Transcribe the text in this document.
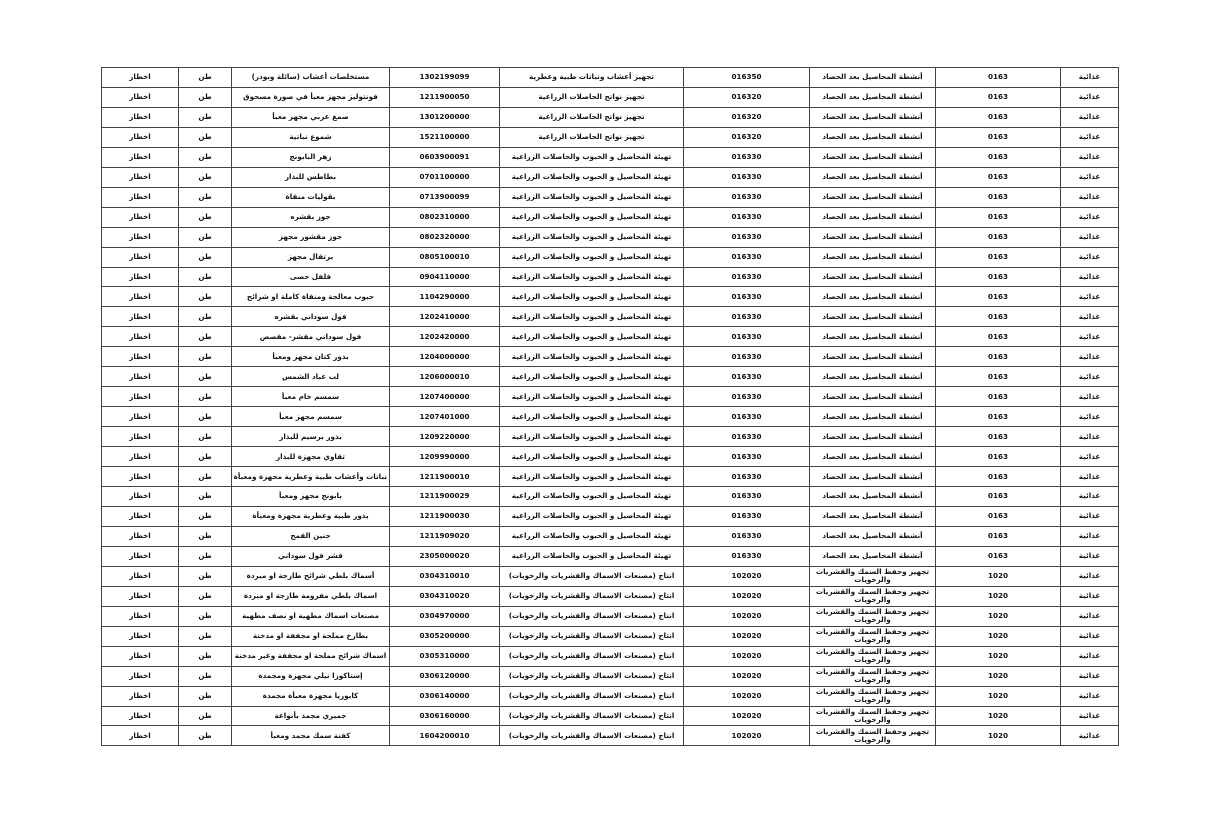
غذائية	0163	أنشطة المحاصيل بعد الحصاد	016350	تجهيز أعشاب ونباتات طبية وعطرية	1302199099	مستخلصات أعشاب (سائلة وبودر)	طن	اخطار
غذائية	0163	أنشطة المحاصيل بعد الحصاد	016320	تجهيز نواتج الحاصلات الزراعية	1211900050	فونتوليز مجهز معبأ في صورة مسحوق	طن	اخطار
غذائية	0163	أنشطة المحاصيل بعد الحصاد	016320	تجهيز نواتج الحاصلات الزراعية	1301200000	صمغ عربي مجهز معبأ	طن	اخطار
غذائية	0163	أنشطة المحاصيل بعد الحصاد	016320	تجهيز نواتج الحاصلات الزراعية	1521100000	شموع نباتية	طن	اخطار
غذائية	0163	أنشطة المحاصيل بعد الحصاد	016330	تهيئة المحاصيل و الحبوب والحاصلات الزراعية	0603900091	زهر البابونج	طن	اخطار
غذائية	0163	أنشطة المحاصيل بعد الحصاد	016330	تهيئة المحاصيل و الحبوب والحاصلات الزراعية	0701100000	بطاطس للبذار	طن	اخطار
غذائية	0163	أنشطة المحاصيل بعد الحصاد	016330	تهيئة المحاصيل و الحبوب والحاصلات الزراعية	0713900099	بقوليات منقاة	طن	اخطار
غذائية	0163	أنشطة المحاصيل بعد الحصاد	016330	تهيئة المحاصيل و الحبوب والحاصلات الزراعية	0802310000	جوز بقشره	طن	اخطار
غذائية	0163	أنشطة المحاصيل بعد الحصاد	016330	تهيئة المحاصيل و الحبوب والحاصلات الزراعية	0802320000	جوز مقشور مجهز	طن	اخطار
غذائية	0163	أنشطة المحاصيل بعد الحصاد	016330	تهيئة المحاصيل و الحبوب والحاصلات الزراعية	0805100010	برتقال مجهز	طن	اخطار
غذائية	0163	أنشطة المحاصيل بعد الحصاد	016330	تهيئة المحاصيل و الحبوب والحاصلات الزراعية	0904110000	فلفل حصى	طن	اخطار
غذائية	0163	أنشطة المحاصيل بعد الحصاد	016330	تهيئة المحاصيل و الحبوب والحاصلات الزراعية	1104290000	حبوب معالجة ومنقاة كاملة او شرائح	طن	اخطار
غذائية	0163	أنشطة المحاصيل بعد الحصاد	016330	تهيئة المحاصيل و الحبوب والحاصلات الزراعية	1202410000	فول سوداني بقشره	طن	اخطار
غذائية	0163	أنشطة المحاصيل بعد الحصاد	016330	تهيئة المحاصيل و الحبوب والحاصلات الزراعية	1202420000	فول سوداني مقشر- مقصص	طن	اخطار
غذائية	0163	أنشطة المحاصيل بعد الحصاد	016330	تهيئة المحاصيل و الحبوب والحاصلات الزراعية	1204000000	بذور كتان مجهز ومعبأ	طن	اخطار
غذائية	0163	أنشطة المحاصيل بعد الحصاد	016330	تهيئة المحاصيل و الحبوب والحاصلات الزراعية	1206000010	لب عباد الشمس	طن	اخطار
غذائية	0163	أنشطة المحاصيل بعد الحصاد	016330	تهيئة المحاصيل و الحبوب والحاصلات الزراعية	1207400000	سمسم خام معبأ	طن	اخطار
غذائية	0163	أنشطة المحاصيل بعد الحصاد	016330	تهيئة المحاصيل و الحبوب والحاصلات الزراعية	1207401000	سمسم مجهز معبأ	طن	اخطار
غذائية	0163	أنشطة المحاصيل بعد الحصاد	016330	تهيئة المحاصيل و الحبوب والحاصلات الزراعية	1209220000	بذور برسيم للبذار	طن	اخطار
غذائية	0163	أنشطة المحاصيل بعد الحصاد	016330	تهيئة المحاصيل و الحبوب والحاصلات الزراعية	1209990000	تقاوي مجهزة للبذار	طن	اخطار
غذائية	0163	أنشطة المحاصيل بعد الحصاد	016330	تهيئة المحاصيل و الحبوب والحاصلات الزراعية	1211900010	نباتات وأعشاب طبية وعطرية مجهزة ومعبأة	طن	اخطار
غذائية	0163	أنشطة المحاصيل بعد الحصاد	016330	تهيئة المحاصيل و الحبوب والحاصلات الزراعية	1211900029	بابونج مجهز ومعبأ	طن	اخطار
غذائية	0163	أنشطة المحاصيل بعد الحصاد	016330	تهيئة المحاصيل و الحبوب والحاصلات الزراعية	1211900030	بذور طبية وعطرية مجهزة ومعبأة	طن	اخطار
غذائية	0163	أنشطة المحاصيل بعد الحصاد	016330	تهيئة المحاصيل و الحبوب والحاصلات الزراعية	1211909020	جنين القمح	طن	اخطار
غذائية	0163	أنشطة المحاصيل بعد الحصاد	016330	تهيئة المحاصيل و الحبوب والحاصلات الزراعية	2305000020	قشر فول سوداني	طن	اخطار
غذائية	1020	تجهيز وحفظ السمك والقشريات والرخويات	102020	انتاج (مصنعات الاسماك والقشريات والرخويات)	0304310010	أسماك بلطي شرائح طازجة او مبردة	طن	اخطار
غذائية	1020	تجهيز وحفظ السمك والقشريات والرخويات	102020	انتاج (مصنعات الاسماك والقشريات والرخويات)	0304310020	اسماك بلطي مفرومة طازجة او مبردة	طن	اخطار
غذائية	1020	تجهيز وحفظ السمك والقشريات والرخويات	102020	انتاج (مصنعات الاسماك والقشريات والرخويات)	0304970000	مصنعات اسماك مطهية او نصف مطهية	طن	اخطار
غذائية	1020	تجهيز وحفظ السمك والقشريات والرخويات	102020	انتاج (مصنعات الاسماك والقشريات والرخويات)	0305200000	بطارخ مملحة او مجففة او مدخنة	طن	اخطار
غذائية	1020	تجهيز وحفظ السمك والقشريات والرخويات	102020	انتاج (مصنعات الاسماك والقشريات والرخويات)	0305310000	اسماك شرائح مملحة او مجففة وغير مدخنة	طن	اخطار
غذائية	1020	تجهيز وحفظ السمك والقشريات والرخويات	102020	انتاج (مصنعات الاسماك والقشريات والرخويات)	0306120000	إستاكوزا نيلي مجهزة ومجمدة	طن	اخطار
غذائية	1020	تجهيز وحفظ السمك والقشريات والرخويات	102020	انتاج (مصنعات الاسماك والقشريات والرخويات)	0306140000	كابوريا مجهزة معبأة مجمدة	طن	اخطار
غذائية	1020	تجهيز وحفظ السمك والقشريات والرخويات	102020	انتاج (مصنعات الاسماك والقشريات والرخويات)	0306160000	جمبري مجمد بأنواعة	طن	اخطار
غذائية	1020	تجهيز وحفظ السمك والقشريات والرخويات	102020	انتاج (مصنعات الاسماك والقشريات والرخويات)	1604200010	كفتة سمك مجمد ومعبأ	طن	اخطار
